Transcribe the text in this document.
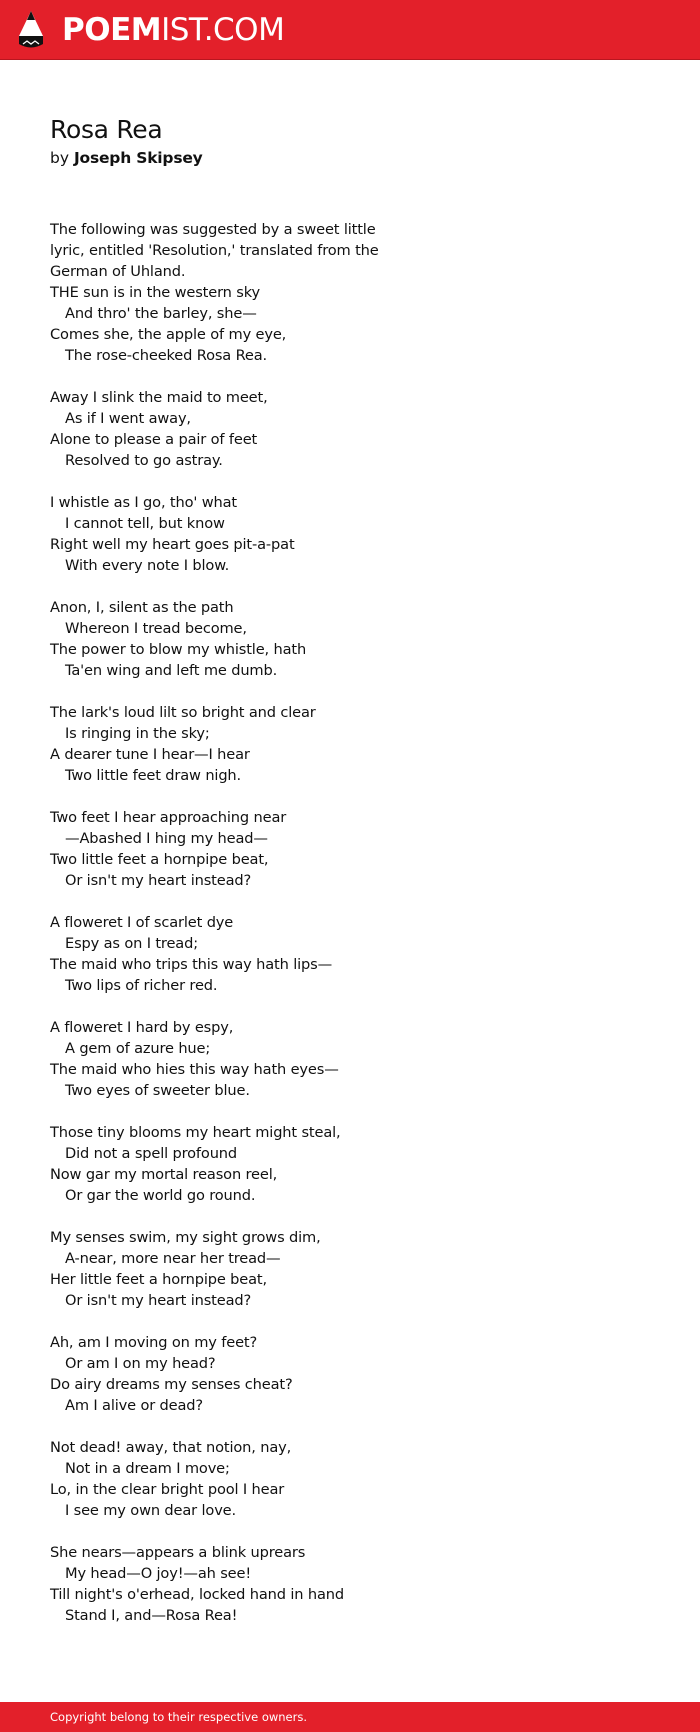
POEMIST.COM
Rosa Rea
by Joseph Skipsey
The following was suggested by a sweet little
lyric, entitled 'Resolution,' translated from the
German of Uhland.
THE sun is in the western sky
And thro' the barley, she—
Comes she, the apple of my eye,
The rose-cheeked Rosa Rea.
Away I slink the maid to meet,
As if I went away,
Alone to please a pair of feet
Resolved to go astray.
I whistle as I go, tho' what
I cannot tell, but know
Right well my heart goes pit-a-pat
With every note I blow.
Anon, I, silent as the path
Whereon I tread become,
The power to blow my whistle, hath
Ta'en wing and left me dumb.
The lark's loud lilt so bright and clear
Is ringing in the sky;
A dearer tune I hear—I hear
Two little feet draw nigh.
Two feet I hear approaching near
—Abashed I hing my head—
Two little feet a hornpipe beat,
Or isn't my heart instead?
A floweret I of scarlet dye
Espy as on I tread;
The maid who trips this way hath lips—
Two lips of richer red.
A floweret I hard by espy,
A gem of azure hue;
The maid who hies this way hath eyes—
Two eyes of sweeter blue.
Those tiny blooms my heart might steal,
Did not a spell profound
Now gar my mortal reason reel,
Or gar the world go round.
My senses swim, my sight grows dim,
A-near, more near her tread—
Her little feet a hornpipe beat,
Or isn't my heart instead?
Ah, am I moving on my feet?
Or am I on my head?
Do airy dreams my senses cheat?
Am I alive or dead?
Not dead! away, that notion, nay,
Not in a dream I move;
Lo, in the clear bright pool I hear
I see my own dear love.
She nears—appears a blink uprears
My head—O joy!—ah see!
Till night's o'erhead, locked hand in hand
Stand I, and—Rosa Rea!
Copyright belong to their respective owners.
